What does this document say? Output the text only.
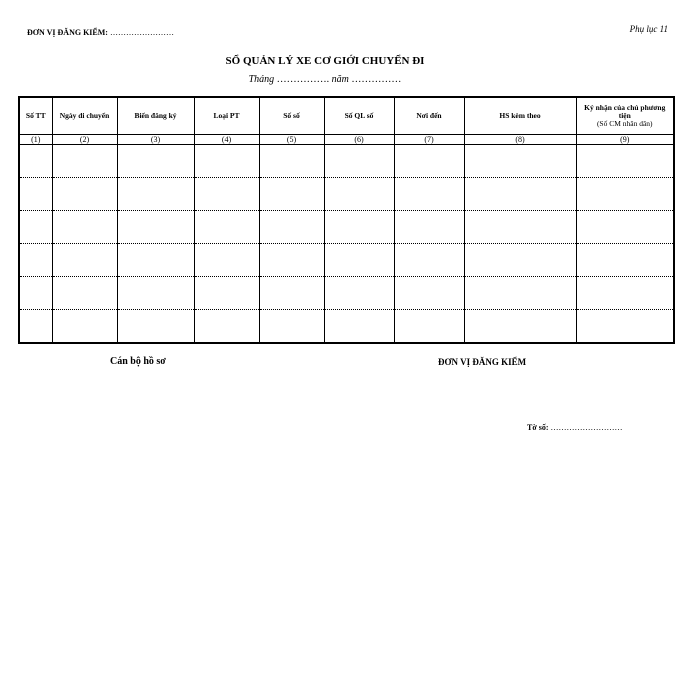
ĐƠN VỊ ĐĂNG KIỂM: ……………………	Phụ lục 11
SỔ QUẢN LÝ XE CƠ GIỚI CHUYỂN ĐI
Tháng ……………. năm ……………
Số TT	Ngày di chuyển	Biển đăng ký	Loại PT	Số số	Số QL số	Nơi đến	HS kèm theo	Ký nhận của chủ phương tiện
(Số CM nhân dân)

(1)	(2)	(3)	(4)	(5)	(6)	(7)	(8)	(9)

Cán bộ hồ sơ	ĐƠN VỊ ĐĂNG KIỂM
Tờ số: ………………………
